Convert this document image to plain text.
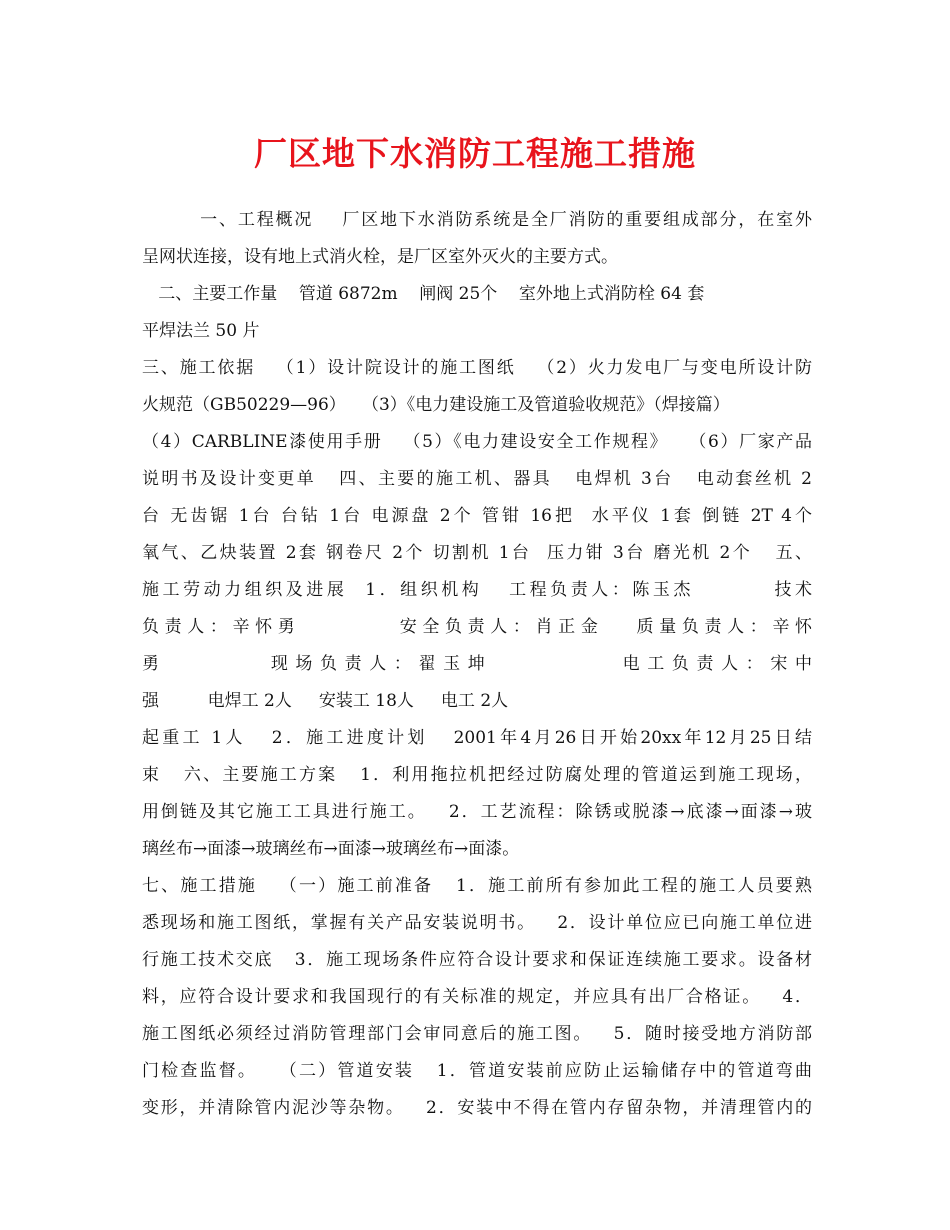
厂区地下水消防工程施工措施
一、工程概况    厂区地下水消防系统是全厂消防的重要组成部分，在室外
呈网状连接，设有地上式消火栓，是厂区室外灭火的主要方式。
二、主要工作量    管道 6872m    闸阀 25个    室外地上式消防栓 64 套
平焊法兰 50 片
三、施工依据   （1）设计院设计的施工图纸   （2）火力发电厂与变电所设计防
火规范（GB50229—96）   （3）《电力建设施工及管道验收规范》（焊接篇）
（4）CARBLINE漆使用手册   （5）《电力建设安全工作规程》   （6）厂家产品
说明书及设计变更单   四、主要的施工机、器具   电焊机 3台   电动套丝机 2
台 无齿锯 1台 台钻 1台 电源盘 2个 管钳 16把  水平仪 1套 倒链 2T 4个
氧气、乙炔装置 2套 钢卷尺 2个 切割机 1台  压力钳 3台 磨光机 2个   五、
施工劳动力组织及进展  1．组织机构   工程负责人：陈玉杰         技术
负责人：辛怀勇         安全负责人：肖正金   质量负责人：辛怀
勇        现场负责人：翟玉坤          电工负责人：宋中
强         电焊工 2人     安装工 18人     电工 2人
起重工 1人   2．施工进度计划   2001年4月26日开始20xx年12月25日结
束   六、主要施工方案   1．利用拖拉机把经过防腐处理的管道运到施工现场，
用倒链及其它施工工具进行施工。   2．工艺流程：除锈或脱漆→底漆→面漆→玻
璃丝布→面漆→玻璃丝布→面漆→玻璃丝布→面漆。
七、施工措施   （一）施工前准备   1．施工前所有参加此工程的施工人员要熟
悉现场和施工图纸，掌握有关产品安装说明书。   2．设计单位应已向施工单位进
行施工技术交底   3．施工现场条件应符合设计要求和保证连续施工要求。设备材
料，应符合设计要求和我国现行的有关标准的规定，并应具有出厂合格证。   4．
施工图纸必须经过消防管理部门会审同意后的施工图。   5．随时接受地方消防部
门检查监督。   （二）管道安装   1．管道安装前应防止运输储存中的管道弯曲
变形，并清除管内泥沙等杂物。   2．安装中不得在管内存留杂物，并清理管内的
